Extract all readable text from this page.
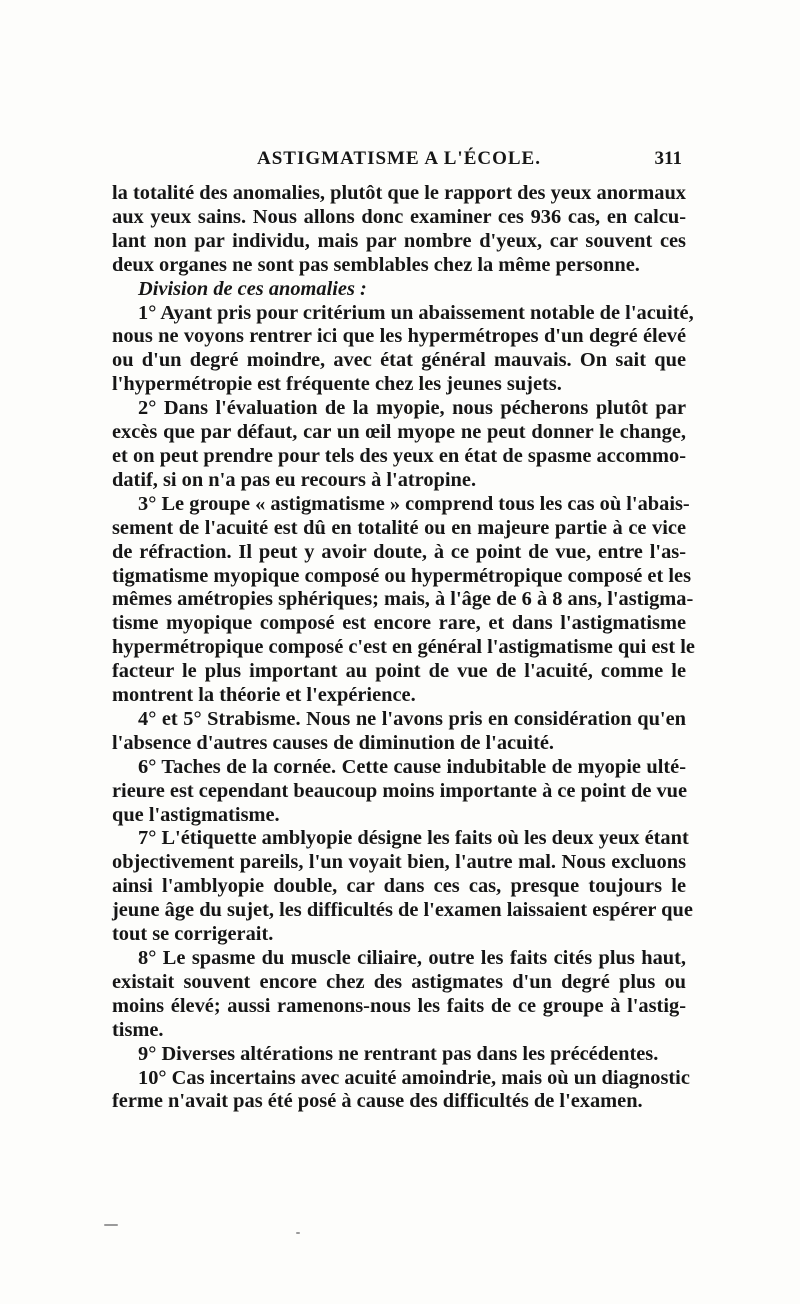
ASTIGMATISME A L'ÉCOLE.	311
la totalité des anomalies, plutôt que le rapport des yeux anormaux
aux yeux sains. Nous allons donc examiner ces 936 cas, en calcu-
lant non par individu, mais par nombre d'yeux, car souvent ces
deux organes ne sont pas semblables chez la même personne.
Division de ces anomalies :
1° Ayant pris pour critérium un abaissement notable de l'acuité,
nous ne voyons rentrer ici que les hypermétropes d'un degré élevé
ou d'un degré moindre, avec état général mauvais. On sait que
l'hypermétropie est fréquente chez les jeunes sujets.
2° Dans l'évaluation de la myopie, nous pécherons plutôt par
excès que par défaut, car un œil myope ne peut donner le change,
et on peut prendre pour tels des yeux en état de spasme accommo-
datif, si on n'a pas eu recours à l'atropine.
3° Le groupe « astigmatisme » comprend tous les cas où l'abais-
sement de l'acuité est dû en totalité ou en majeure partie à ce vice
de réfraction. Il peut y avoir doute, à ce point de vue, entre l'as-
tigmatisme myopique composé ou hypermétropique composé et les
mêmes amétropies sphériques; mais, à l'âge de 6 à 8 ans, l'astigma-
tisme myopique composé est encore rare, et dans l'astigmatisme
hypermétropique composé c'est en général l'astigmatisme qui est le
facteur le plus important au point de vue de l'acuité, comme le
montrent la théorie et l'expérience.
4° et 5° Strabisme. Nous ne l'avons pris en considération qu'en
l'absence d'autres causes de diminution de l'acuité.
6° Taches de la cornée. Cette cause indubitable de myopie ulté-
rieure est cependant beaucoup moins importante à ce point de vue
que l'astigmatisme.
7° L'étiquette amblyopie désigne les faits où les deux yeux étant
objectivement pareils, l'un voyait bien, l'autre mal. Nous excluons
ainsi l'amblyopie double, car dans ces cas, presque toujours le
jeune âge du sujet, les difficultés de l'examen laissaient espérer que
tout se corrigerait.
8° Le spasme du muscle ciliaire, outre les faits cités plus haut,
existait souvent encore chez des astigmates d'un degré plus ou
moins élevé; aussi ramenons-nous les faits de ce groupe à l'astig-
tisme.
9° Diverses altérations ne rentrant pas dans les précédentes.
10° Cas incertains avec acuité amoindrie, mais où un diagnostic
ferme n'avait pas été posé à cause des difficultés de l'examen.
